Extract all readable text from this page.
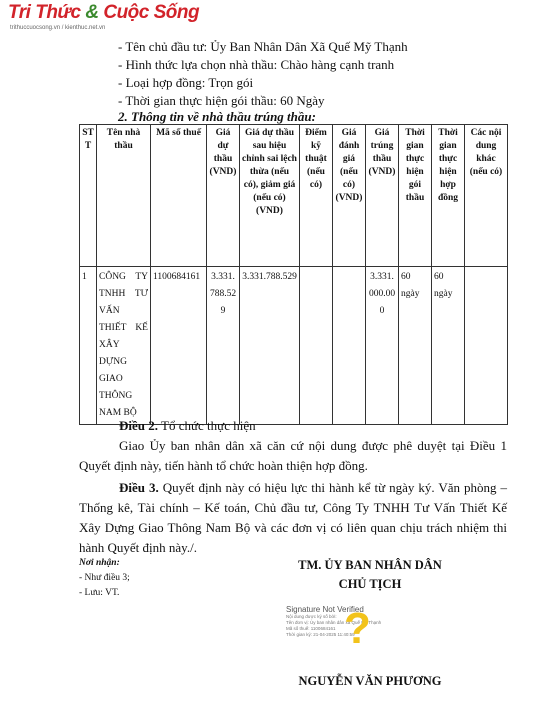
Tri Thức & Cuộc Sống
trithuccuocsong.vn / kienthuc.net.vn
- Tên chủ đầu tư: Ủy Ban Nhân Dân Xã Quế Mỹ Thạnh
- Hình thức lựa chọn nhà thầu: Chào hàng cạnh tranh
- Loại hợp đồng: Trọn gói
- Thời gian thực hiện gói thầu: 60 Ngày
2. Thông tin về nhà thầu trúng thầu:
STT	Tên nhà thầu	Mã số thuế	Giá dự thầu (VND)	Giá dự thầu sau hiệu chỉnh sai lệch thừa (nếu có), giảm giá (nếu có) (VND)	Điểm kỹ thuật (nếu có)	Giá đánh giá (nếu có) (VND)	Giá trúng thầu (VND)	Thời gian thực hiện gói thầu	Thời gian thực hiện hợp đồng	Các nội dung khác (nếu có)
1	CÔNG TY TNHH TƯ VẤN THIẾT KẾ XÂY DỰNG GIAO THÔNG NAM BỘ	1100684161	3.331.788.529	3.331.788.529			3.331.000.000	60 ngày	60 ngày	
Điều 2. Tổ chức thực hiện
Giao Ủy ban nhân dân xã căn cứ nội dung được phê duyệt tại Điều 1 Quyết định này, tiến hành tổ chức hoàn thiện hợp đồng.
Điều 3. Quyết định này có hiệu lực thi hành kể từ ngày ký. Văn phòng – Thống kê, Tài chính – Kế toán, Chủ đầu tư, Công Ty TNHH Tư Vấn Thiết Kế Xây Dựng Giao Thông Nam Bộ và các đơn vị có liên quan chịu trách nhiệm thi hành Quyết định này./.
Nơi nhận:
- Như điều 3;
- Lưu: VT.
TM. ỦY BAN NHÂN DÂN
CHỦ TỊCH
Signature Not Verified
Nội dung được ký số bởi:
Tên đơn vị: Ủy ban nhân dân xã Quế Mỹ Thạnh
Mã số thuế: 1100684161
Thời gian ký: 21-04-2025 11:40:59
?
NGUYỄN VĂN PHƯƠNG
